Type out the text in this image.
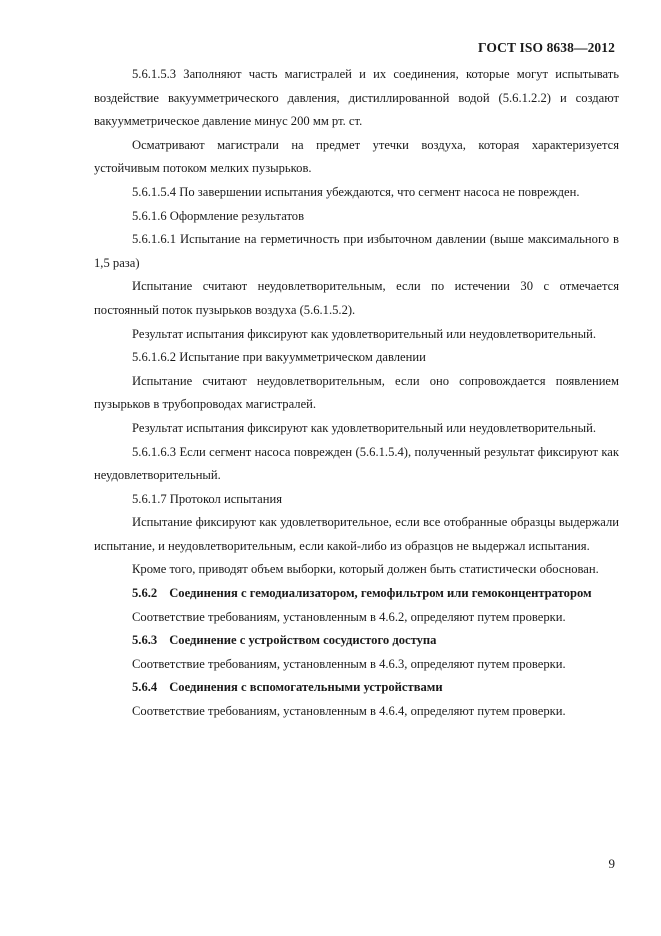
ГОСТ ISO 8638—2012

5.6.1.5.3 Заполняют часть магистралей и их соединения, которые могут испытывать воздействие вакуумметрического давления, дистиллированной водой (5.6.1.2.2) и создают вакуумметрическое давление минус 200 мм рт. ст.

Осматривают магистрали на предмет утечки воздуха, которая характеризуется устойчивым потоком мелких пузырьков.

5.6.1.5.4 По завершении испытания убеждаются, что сегмент насоса не поврежден.

5.6.1.6 Оформление результатов

5.6.1.6.1 Испытание на герметичность при избыточном давлении (выше максимального в 1,5 раза)

Испытание считают неудовлетворительным, если по истечении 30 с отмечается постоянный поток пузырьков воздуха (5.6.1.5.2).

Результат испытания фиксируют как удовлетворительный или неудовлетворительный.

5.6.1.6.2 Испытание при вакуумметрическом давлении

Испытание считают неудовлетворительным, если оно сопровождается появлением пузырьков в трубопроводах магистралей.

Результат испытания фиксируют как удовлетворительный или неудовлетворительный.

5.6.1.6.3 Если сегмент насоса поврежден (5.6.1.5.4), полученный результат фиксируют как неудовлетворительный.

5.6.1.7 Протокол испытания

Испытание фиксируют как удовлетворительное, если все отобранные образцы выдержали испытание, и неудовлетворительным, если какой-либо из образцов не выдержал испытания.

Кроме того, приводят объем выборки, который должен быть статистически обоснован.

5.6.2 Соединения с гемодиализатором, гемофильтром или гемоконцентратором

Соответствие требованиям, установленным в 4.6.2, определяют путем проверки.

5.6.3 Соединение с устройством сосудистого доступа

Соответствие требованиям, установленным в 4.6.3, определяют путем проверки.

5.6.4 Соединения с вспомогательными устройствами

Соответствие требованиям, установленным в 4.6.4, определяют путем проверки.

9
